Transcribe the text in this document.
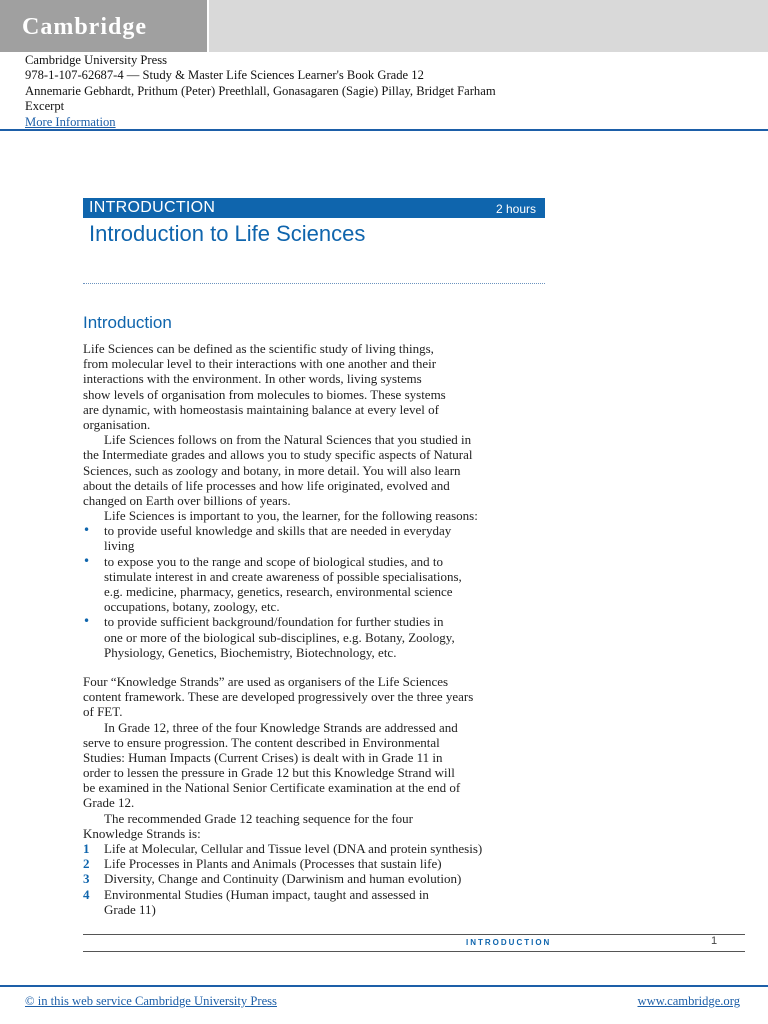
Cambridge
Cambridge University Press
978-1-107-62687-4 — Study & Master Life Sciences Learner's Book Grade 12
Annemarie Gebhardt, Prithum (Peter) Preethlall, Gonasagaren (Sagie) Pillay, Bridget Farham
Excerpt
More Information
INTRODUCTION	2 hours
Introduction to Life Sciences
Introduction
Life Sciences can be defined as the scientific study of living things,
from molecular level to their interactions with one another and their
interactions with the environment. In other words, living systems
show levels of organisation from molecules to biomes. These systems
are dynamic, with homeostasis maintaining balance at every level of
organisation.
Life Sciences follows on from the Natural Sciences that you studied in
the Intermediate grades and allows you to study specific aspects of Natural
Sciences, such as zoology and botany, in more detail. You will also learn
about the details of life processes and how life originated, evolved and
changed on Earth over billions of years.
Life Sciences is important to you, the learner, for the following reasons:
• to provide useful knowledge and skills that are needed in everyday
living
• to expose you to the range and scope of biological studies, and to
stimulate interest in and create awareness of possible specialisations,
e.g. medicine, pharmacy, genetics, research, environmental science
occupations, botany, zoology, etc.
• to provide sufficient background/foundation for further studies in
one or more of the biological sub-disciplines, e.g. Botany, Zoology,
Physiology, Genetics, Biochemistry, Biotechnology, etc.
Four “Knowledge Strands” are used as organisers of the Life Sciences
content framework. These are developed progressively over the three years
of FET.
In Grade 12, three of the four Knowledge Strands are addressed and
serve to ensure progression. The content described in Environmental
Studies: Human Impacts (Current Crises) is dealt with in Grade 11 in
order to lessen the pressure in Grade 12 but this Knowledge Strand will
be examined in the National Senior Certificate examination at the end of
Grade 12.
The recommended Grade 12 teaching sequence for the four
Knowledge Strands is:
1 Life at Molecular, Cellular and Tissue level (DNA and protein synthesis)
2 Life Processes in Plants and Animals (Processes that sustain life)
3 Diversity, Change and Continuity (Darwinism and human evolution)
4 Environmental Studies (Human impact, taught and assessed in
Grade 11)
INTRODUCTION	1
© in this web service Cambridge University Press	www.cambridge.org
